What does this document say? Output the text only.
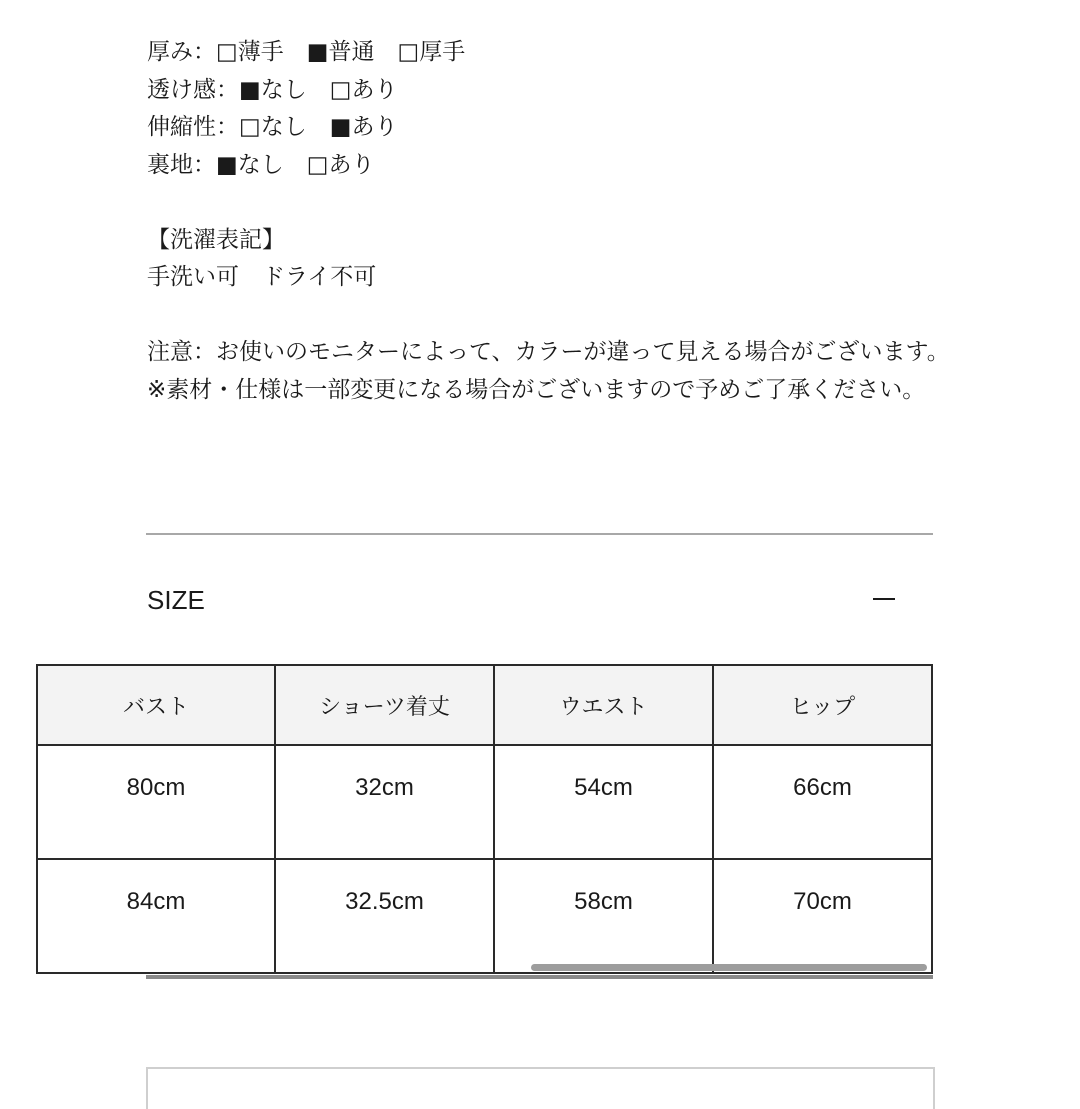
厚み：□薄手　■普通　□厚手
透け感：■なし　□あり
伸縮性：□なし　■あり
裏地：■なし　□あり
【洗濯表記】
手洗い可　ドライ不可
注意：お使いのモニターによって、カラーが違って見える場合がございます。
※素材・仕様は一部変更になる場合がございますので予めご了承ください。
SIZE
バスト	ショーツ着丈	ウエスト	ヒップ

80cm	32cm	54cm	66cm

84cm	32.5cm	58cm	70cm
